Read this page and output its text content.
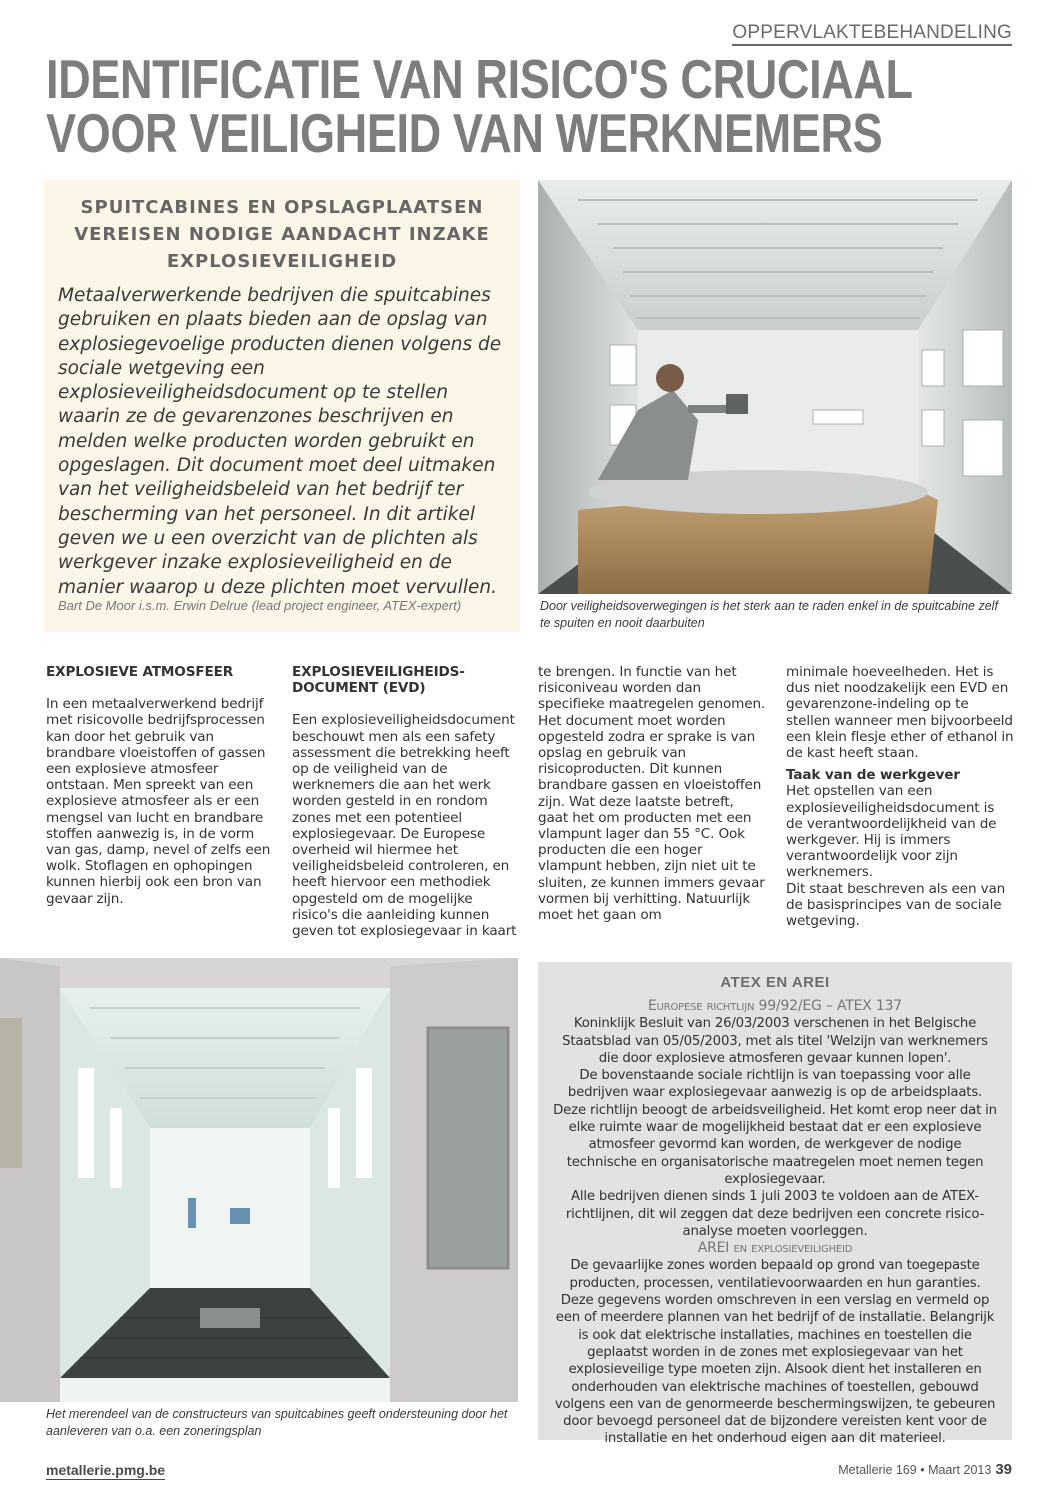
OPPERVLAKTEBEHANDELING
IDENTIFICATIE VAN RISICO'S CRUCIAAL
VOOR VEILIGHEID VAN WERKNEMERS
SPUITCABINES EN OPSLAGPLAATSEN VEREISEN NODIGE AANDACHT INZAKE EXPLOSIEVEILIGHEID
Metaalverwerkende bedrijven die spuitcabines gebruiken en plaats bieden aan de opslag van explosiegevoelige producten dienen volgens de sociale wetgeving een explosieveiligheidsdocument op te stellen waarin ze de gevarenzones beschrijven en melden welke producten worden gebruikt en opgeslagen. Dit document moet deel uitmaken van het veiligheidsbeleid van het bedrijf ter bescherming van het personeel. In dit artikel geven we u een overzicht van de plichten als werkgever inzake explosieveiligheid en de manier waarop u deze plichten moet vervullen.
Bart De Moor i.s.m. Erwin Delrue (lead project engineer, ATEX-expert)	Door veiligheidsoverwegingen is het sterk aan te raden enkel in de spuitcabine zelf te spuiten en nooit daarbuiten
EXPLOSIEVE ATMOSFEER

In een metaalverwerkend bedrijf met risicovolle bedrijfsprocessen kan door het gebruik van brandbare vloeistoffen of gassen een explosieve atmosfeer ontstaan. Men spreekt van een explosieve atmosfeer als er een mengsel van lucht en brandbare stoffen aanwezig is, in de vorm van gas, damp, nevel of zelfs een wolk. Stoflagen en ophopingen kunnen hierbij ook een bron van gevaar zijn.

EXPLOSIEVEILIGHEIDS-DOCUMENT (EVD)

Een explosieveiligheidsdocument beschouwt men als een safety assessment die betrekking heeft op de veiligheid van de werknemers die aan het werk worden gesteld in en rondom zones met een potentieel explosiegevaar. De Europese overheid wil hiermee het veiligheidsbeleid controleren, en heeft hiervoor een methodiek opgesteld om de mogelijke risico's die aanleiding kunnen geven tot explosiegevaar in kaart

te brengen. In functie van het risiconiveau worden dan specifieke maatregelen genomen. Het document moet worden opgesteld zodra er sprake is van opslag en gebruik van risicoproducten. Dit kunnen brandbare gassen en vloeistoffen zijn. Wat deze laatste betreft, gaat het om producten met een vlampunt lager dan 55 °C. Ook producten die een hoger vlampunt hebben, zijn niet uit te sluiten, ze kunnen immers gevaar vormen bij verhitting. Natuurlijk moet het gaan om

minimale hoeveelheden. Het is dus niet noodzakelijk een EVD en gevarenzone-indeling op te stellen wanneer men bijvoorbeeld een klein flesje ether of ethanol in de kast heeft staan.

Taak van de werkgever

Het opstellen van een explosieveiligheidsdocument is de verantwoordelijkheid van de werkgever. Hij is immers verantwoordelijk voor zijn werknemers.

Dit staat beschreven als een van de basisprincipes van de sociale wetgeving.

Het merendeel van de constructeurs van spuitcabines geeft ondersteuning door het aanleveren van o.a. een zoneringsplan
ATEX EN AREI
Europese richtlijn 99/92/EG – ATEX 137

Koninklijk Besluit van 26/03/2003 verschenen in het Belgische Staatsblad van 05/05/2003, met als titel 'Welzijn van werknemers die door explosieve atmosferen gevaar kunnen lopen'.

De bovenstaande sociale richtlijn is van toepassing voor alle bedrijven waar explosiegevaar aanwezig is op de arbeidsplaats. Deze richtlijn beoogt de arbeidsveiligheid. Het komt erop neer dat in elke ruimte waar de mogelijkheid bestaat dat er een explosieve atmosfeer gevormd kan worden, de werkgever de nodige technische en organisatorische maatregelen moet nemen tegen explosiegevaar.

Alle bedrijven dienen sinds 1 juli 2003 te voldoen aan de ATEX-richtlijnen, dit wil zeggen dat deze bedrijven een concrete risico-analyse moeten voorleggen.

AREI en explosieveiligheid

De gevaarlijke zones worden bepaald op grond van toegepaste producten, processen, ventilatievoorwaarden en hun garanties. Deze gegevens worden omschreven in een verslag en vermeld op een of meerdere plannen van het bedrijf of de installatie. Belangrijk is ook dat elektrische installaties, machines en toestellen die geplaatst worden in de zones met explosiegevaar van het explosieveilige type moeten zijn. Alsook dient het installeren en onderhouden van elektrische machines of toestellen, gebouwd volgens een van de genormeerde beschermingswijzen, te gebeuren door bevoegd personeel dat de bijzondere vereisten kent voor de installatie en het onderhoud eigen aan dit materieel.

metallerie.pmg.be	Metallerie 169 • Maart 2013 39
